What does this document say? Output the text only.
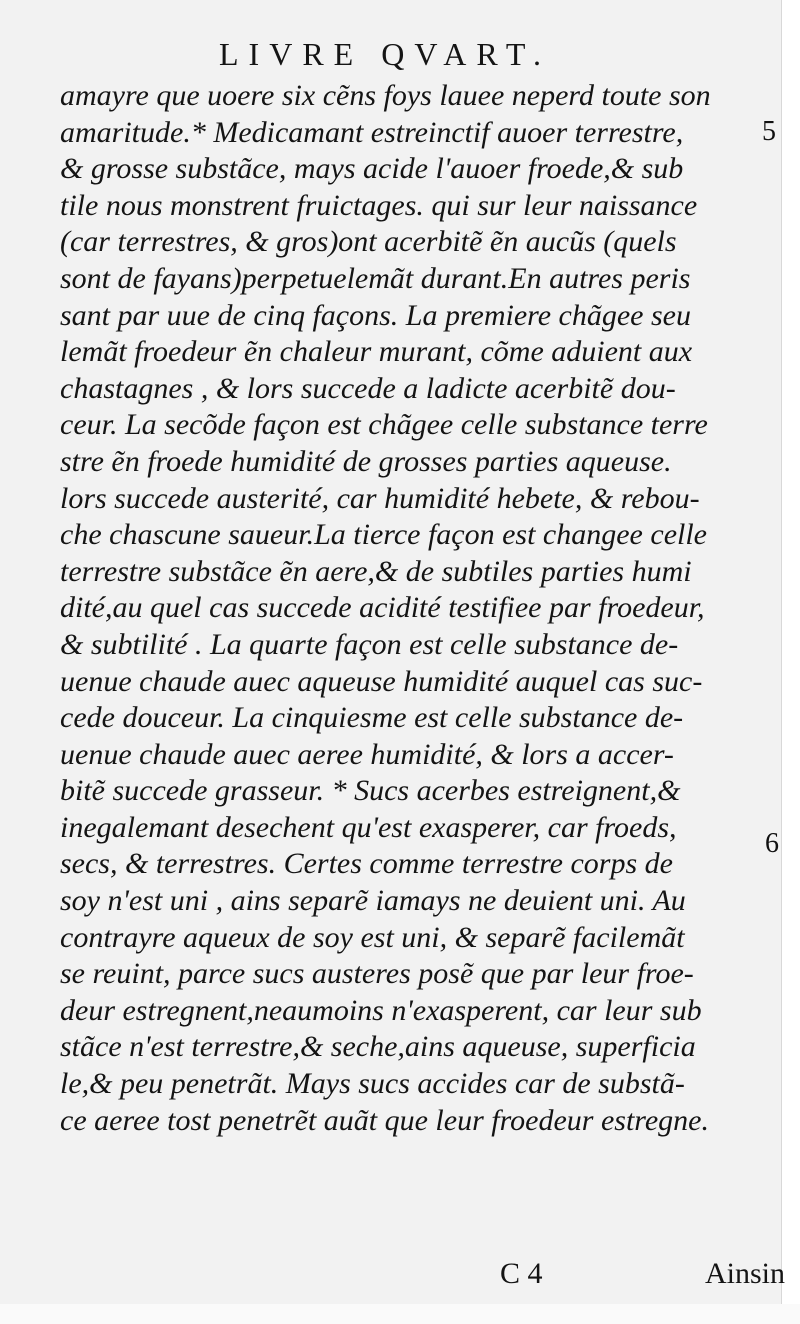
LIVRE QVART.
amayre que uoere six cẽns foys lauee neperd toute son
amaritude.* Medicamant estreinctif auoer terrestre,
& grosse substãce, mays acide l'auoer froede,& sub
tile nous monstrent fruictages. qui sur leur naissance
(car terrestres, & gros)ont acerbitẽ ẽn aucũs (quels
sont de fayans)perpetuelemãt durant.En autres peris
sant par uue de cinq façons. La premiere chãgee seu
lemãt froedeur ẽn chaleur murant, cõme aduient aux
chastagnes , & lors succede a ladicte acerbitẽ dou-
ceur. La secõde façon est chãgee celle substance terre
stre ẽn froede humidité de grosses parties aqueuse.
lors succede austerité, car humidité hebete, & rebou-
che chascune saueur.La tierce façon est changee celle
terrestre substãce ẽn aere,& de subtiles parties humi
dité,au quel cas succede acidité testifiee par froedeur,
& subtilité . La quarte façon est celle substance de-
uenue chaude auec aqueuse humidité auquel cas suc-
cede douceur. La cinquiesme est celle substance de-
uenue chaude auec aeree humidité, & lors a accer-
bitẽ succede grasseur. * Sucs acerbes estreignent,&
inegalemant desechent qu'est exasperer, car froeds,
secs, & terrestres. Certes comme terrestre corps de
soy n'est uni , ains separẽ iamays ne deuient uni. Au
contrayre aqueux de soy est uni, & separẽ facilemãt
se reuint, parce sucs austeres posẽ que par leur froe-
deur estregnent,neaumoins n'exasperent, car leur sub
stãce n'est terrestre,& seche,ains aqueuse, superficia
le,& peu penetrãt. Mays sucs accides car de substã-
ce aeree tost penetrẽt auãt que leur froedeur estregne.
5
6
C 4	Ainsin
